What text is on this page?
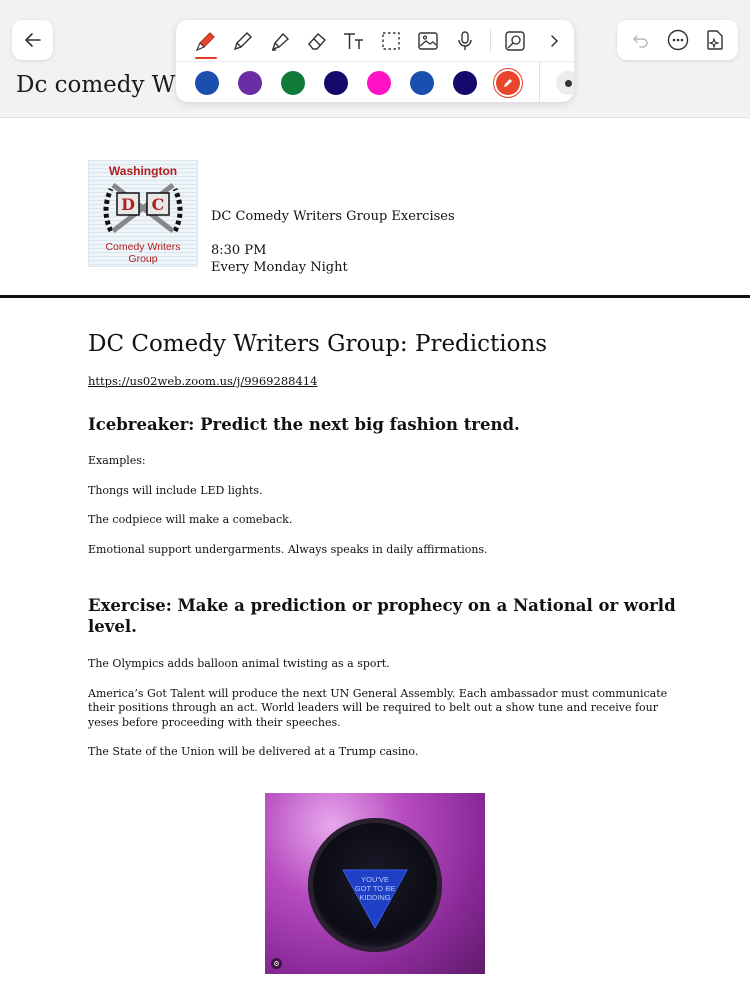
Dc comedy W
Washington
D C
Comedy Writers
Group
DC Comedy Writers Group Exercises
8:30 PM
Every Monday Night
DC Comedy Writers Group: Predictions
https://us02web.zoom.us/j/9969288414
Icebreaker: Predict the next big fashion trend.

Examples:

Thongs will include LED lights.

The codpiece will make a comeback.

Emotional support undergarments. Always speaks in daily affirmations.

Exercise: Make a prediction or prophecy on a National or world level.

The Olympics adds balloon animal twisting as a sport.

America’s Got Talent will produce the next UN General Assembly. Each ambassador must communicate their positions through an act. World leaders will be required to belt out a show tune and receive four yeses before proceeding with their speeches.

The State of the Union will be delivered at a Trump casino.

YOU'VE
GOT TO BE
KIDDING
⚙
